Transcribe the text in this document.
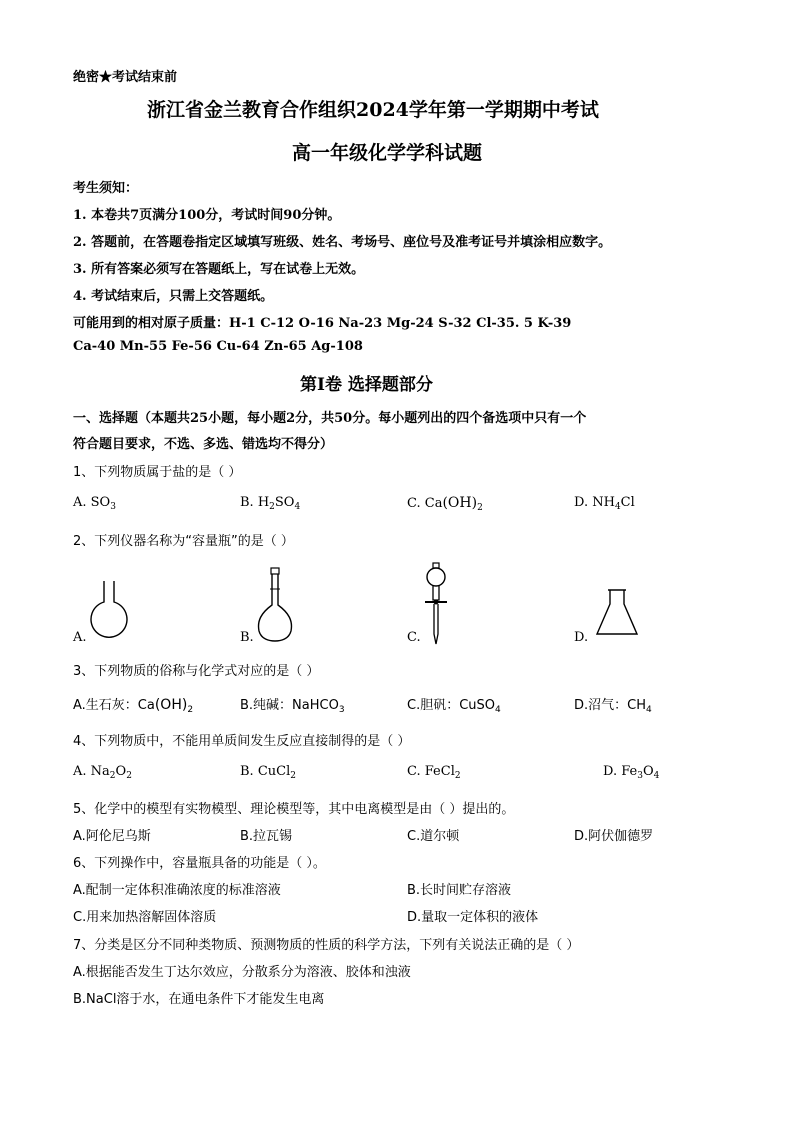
绝密★考试结束前
浙江省金兰教育合作组织2024学年第一学期期中考试
高一年级化学学科试题
考生须知：
1. 本卷共7页满分100分，考试时间90分钟。
2. 答题前，在答题卷指定区域填写班级、姓名、考场号、座位号及准考证号并填涂相应数字。
3. 所有答案必须写在答题纸上，写在试卷上无效。
4. 考试结束后，只需上交答题纸。
可能用到的相对原子质量：H-1 C-12 O-16 Na-23 Mg-24 S-32 Cl-35. 5 K-39
Ca-40 Mn-55 Fe-56 Cu-64 Zn-65 Ag-108
第Ⅰ卷 选择题部分
一、选择题（本题共25小题，每小题2分，共50分。每小题列出的四个备选项中只有一个
符合题目要求，不选、多选、错选均不得分）
1、下列物质属于盐的是（ ）
A. $SO_3$	B. $H_2SO_4$	C. $Ca(OH)_2$	D. $NH_4Cl$
2、下列仪器名称为“容量瓶”的是（ ）
A.	B.	C.	D.
3、下列物质的俗称与化学式对应的是（ ）
A.生石灰：$Ca(OH)_2$	B.纯碱：NaHCO$_3$	C.胆矾：CuSO$_4$	D.沼气：$CH_4$
4、下列物质中，不能用单质间发生反应直接制得的是（ ）
A. $Na_2O_2$	B. CuCl$_2$	C. FeCl$_2$	D. $Fe_3O_4$
5、化学中的模型有实物模型、理论模型等，其中电离模型是由（ ）提出的。
A.阿伦尼乌斯	B.拉瓦锡	C.道尔顿	D.阿伏伽德罗
6、下列操作中，容量瓶具备的功能是（ ）。
A.配制一定体积准确浓度的标准溶液	B.长时间贮存溶液
C.用来加热溶解固体溶质	D.量取一定体积的液体
7、分类是区分不同种类物质、预测物质的性质的科学方法，下列有关说法正确的是（ ）
A.根据能否发生丁达尔效应，分散系分为溶液、胶体和浊液
B.NaCl溶于水，在通电条件下才能发生电离
